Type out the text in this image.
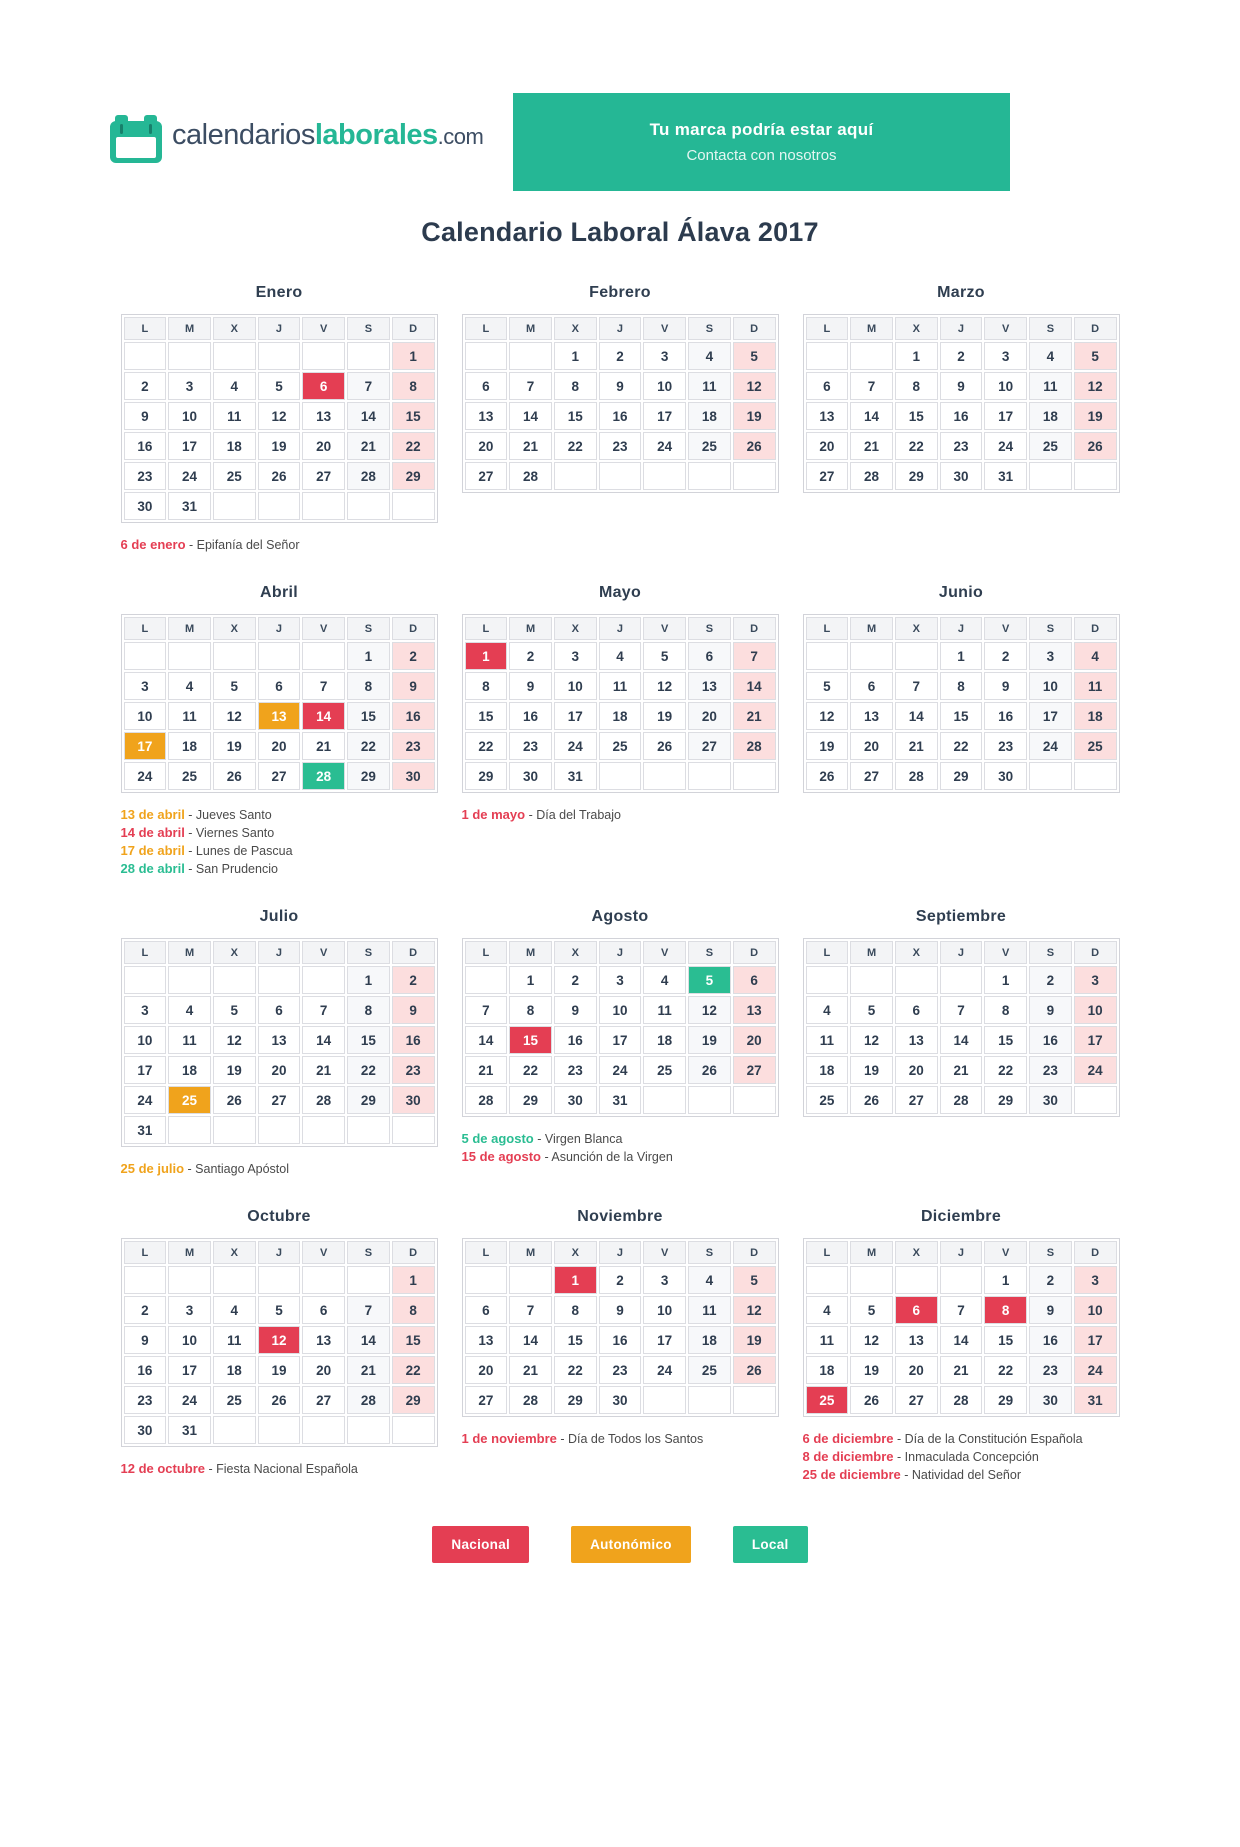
calendarioslaborales.com	Tu marca podría estar aquí
Contacta con nosotros
Calendario Laboral Álava 2017
Enero
L	M	X	J	V	S	D
						1
2	3	4	5	6	7	8
9	10	11	12	13	14	15
16	17	18	19	20	21	22
23	24	25	26	27	28	29
30	31					
6 de enero - Epifanía del Señor
Febrero
L	M	X	J	V	S	D
		1	2	3	4	5
6	7	8	9	10	11	12
13	14	15	16	17	18	19
20	21	22	23	24	25	26
27	28					
Marzo
L	M	X	J	V	S	D
		1	2	3	4	5
6	7	8	9	10	11	12
13	14	15	16	17	18	19
20	21	22	23	24	25	26
27	28	29	30	31		
Abril
L	M	X	J	V	S	D
					1	2
3	4	5	6	7	8	9
10	11	12	13	14	15	16
17	18	19	20	21	22	23
24	25	26	27	28	29	30
13 de abril - Jueves Santo
14 de abril - Viernes Santo
17 de abril - Lunes de Pascua
28 de abril - San Prudencio
Mayo
L	M	X	J	V	S	D
1	2	3	4	5	6	7
8	9	10	11	12	13	14
15	16	17	18	19	20	21
22	23	24	25	26	27	28
29	30	31				
1 de mayo - Día del Trabajo
Junio
L	M	X	J	V	S	D
			1	2	3	4
5	6	7	8	9	10	11
12	13	14	15	16	17	18
19	20	21	22	23	24	25
26	27	28	29	30		
Julio
L	M	X	J	V	S	D
					1	2
3	4	5	6	7	8	9
10	11	12	13	14	15	16
17	18	19	20	21	22	23
24	25	26	27	28	29	30
31						
25 de julio - Santiago Apóstol
Agosto
L	M	X	J	V	S	D
	1	2	3	4	5	6
7	8	9	10	11	12	13
14	15	16	17	18	19	20
21	22	23	24	25	26	27
28	29	30	31			
5 de agosto - Virgen Blanca
15 de agosto - Asunción de la Virgen
Septiembre
L	M	X	J	V	S	D
				1	2	3
4	5	6	7	8	9	10
11	12	13	14	15	16	17
18	19	20	21	22	23	24
25	26	27	28	29	30	
Octubre
L	M	X	J	V	S	D
						1
2	3	4	5	6	7	8
9	10	11	12	13	14	15
16	17	18	19	20	21	22
23	24	25	26	27	28	29
30	31					
12 de octubre - Fiesta Nacional Española
Noviembre
L	M	X	J	V	S	D
		1	2	3	4	5
6	7	8	9	10	11	12
13	14	15	16	17	18	19
20	21	22	23	24	25	26
27	28	29	30			
1 de noviembre - Día de Todos los Santos
Diciembre
L	M	X	J	V	S	D
				1	2	3
4	5	6	7	8	9	10
11	12	13	14	15	16	17
18	19	20	21	22	23	24
25	26	27	28	29	30	31
6 de diciembre - Día de la Constitución Española
8 de diciembre - Inmaculada Concepción
25 de diciembre - Natividad del Señor
Nacional	Autonómico	Local
